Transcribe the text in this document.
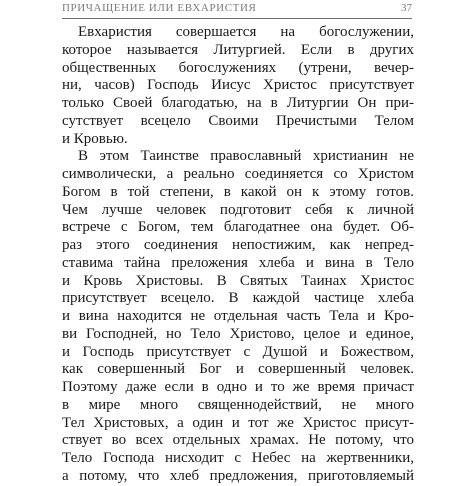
ПРИЧАЩЕНИЕ ИЛИ ЕВХАРИСТИЯ	37
Евхаристия совершается на богослужении,
которое называется Литургией. Если в других
общественных богослужениях (утрени, вечер-
ни, часов) Господь Иисус Христос присутствует
только Своей благодатью, на в Литургии Он при-
сутствует всецело Своими Пречистыми Телом
и Кровью.
В этом Таинстве православный христианин не
символически, а реально соединяется со Христом
Богом в той степени, в какой он к этому готов.
Чем лучше человек подготовит себя к личной
встрече с Богом, тем благодатнее она будет. Об-
раз этого соединения непостижим, как непред-
ставима тайна преложения хлеба и вина в Тело
и Кровь Христовы. В Святых Таинах Христос
присутствует всецело. В каждой частице хлеба
и вина находится не отдельная часть Тела и Кро-
ви Господней, но Тело Христово, целое и единое,
и Господь присутствует с Душой и Божеством,
как совершенный Бог и совершенный человек.
Поэтому даже если в одно и то же время причаст
в мире много священнодействий, не много
Тел Христовых, а один и тот же Христос присут-
ствует во всех отдельных храмах. Не потому, что
Тело Господа нисходит с Небес на жертвенники,
а потому, что хлеб предложения, приготовляемый
